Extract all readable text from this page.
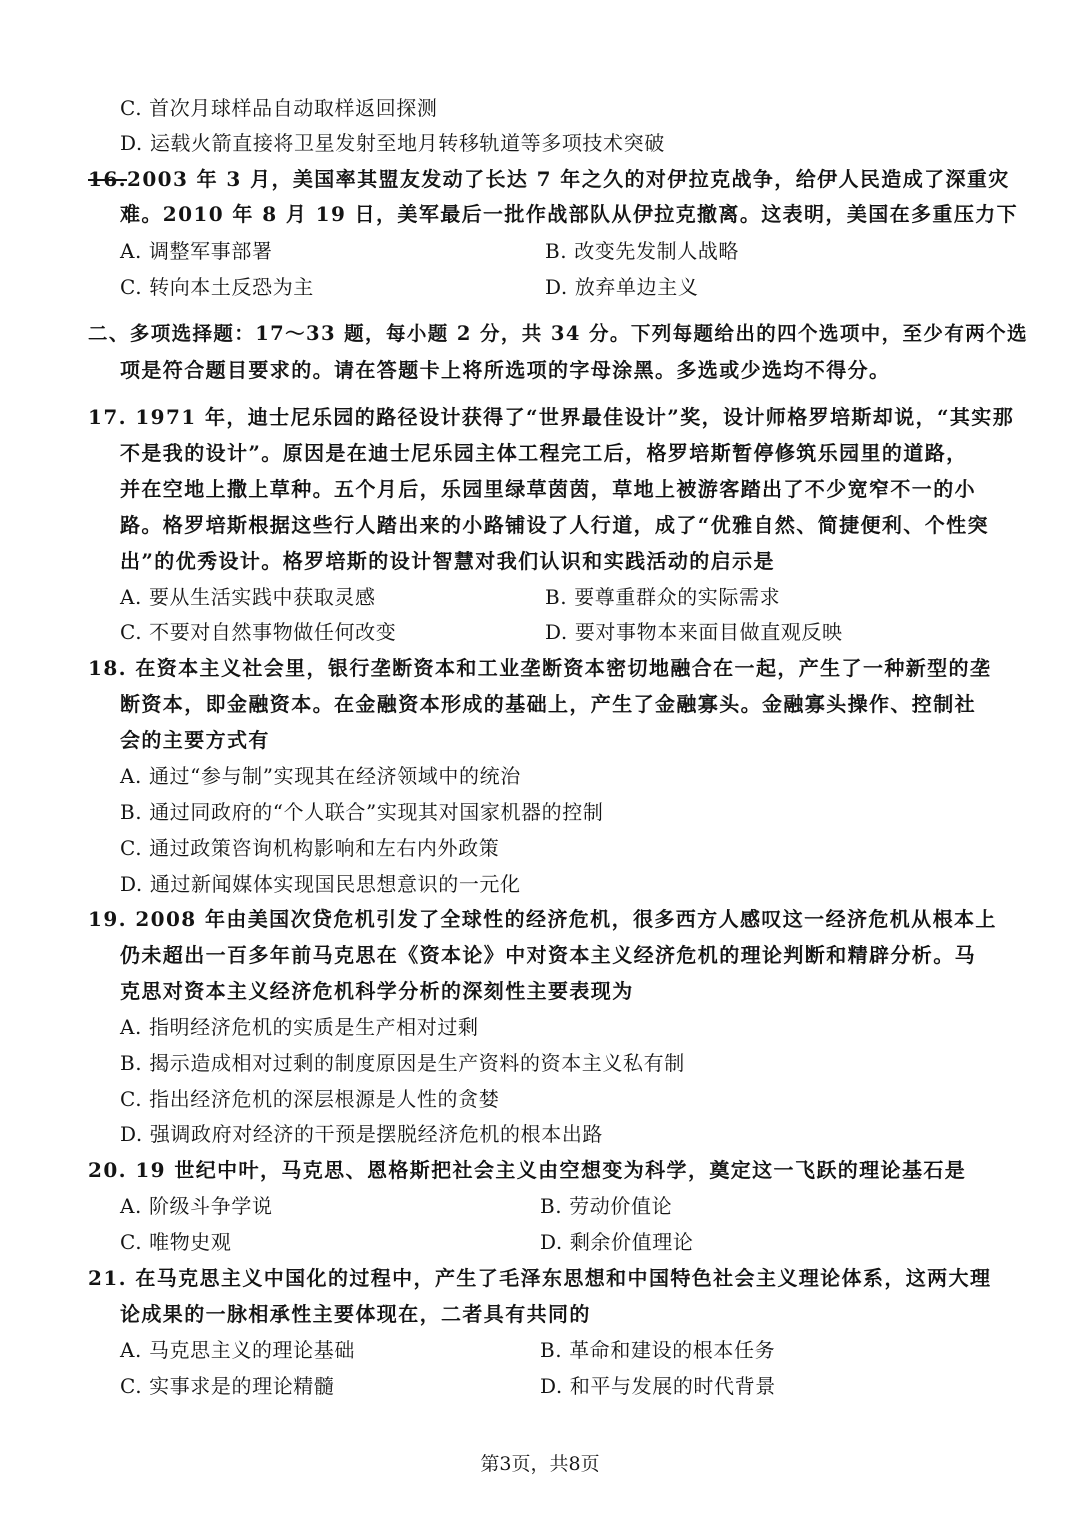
C. 首次月球样品自动取样返回探测
D. 运载火箭直接将卫星发射至地月转移轨道等多项技术突破
16.2003 年 3 月，美国率其盟友发动了长达 7 年之久的对伊拉克战争，给伊人民造成了深重灾
难。2010 年 8 月 19 日，美军最后一批作战部队从伊拉克撤离。这表明，美国在多重压力下
A. 调整军事部署	B. 改变先发制人战略
C. 转向本土反恐为主	D. 放弃单边主义
二、多项选择题：17～33 题，每小题 2 分，共 34 分。下列每题给出的四个选项中，至少有两个选
项是符合题目要求的。请在答题卡上将所选项的字母涂黑。多选或少选均不得分。
17. 1971 年，迪士尼乐园的路径设计获得了“世界最佳设计”奖，设计师格罗培斯却说，“其实那
不是我的设计”。原因是在迪士尼乐园主体工程完工后，格罗培斯暂停修筑乐园里的道路，
并在空地上撒上草种。五个月后，乐园里绿草茵茵，草地上被游客踏出了不少宽窄不一的小
路。格罗培斯根据这些行人踏出来的小路铺设了人行道，成了“优雅自然、简捷便利、个性突
出”的优秀设计。格罗培斯的设计智慧对我们认识和实践活动的启示是
A. 要从生活实践中获取灵感	B. 要尊重群众的实际需求
C. 不要对自然事物做任何改变	D. 要对事物本来面目做直观反映
18. 在资本主义社会里，银行垄断资本和工业垄断资本密切地融合在一起，产生了一种新型的垄
断资本，即金融资本。在金融资本形成的基础上，产生了金融寡头。金融寡头操作、控制社
会的主要方式有
A. 通过“参与制”实现其在经济领域中的统治
B. 通过同政府的“个人联合”实现其对国家机器的控制
C. 通过政策咨询机构影响和左右内外政策
D. 通过新闻媒体实现国民思想意识的一元化
19. 2008 年由美国次贷危机引发了全球性的经济危机，很多西方人感叹这一经济危机从根本上
仍未超出一百多年前马克思在《资本论》中对资本主义经济危机的理论判断和精辟分析。马
克思对资本主义经济危机科学分析的深刻性主要表现为
A. 指明经济危机的实质是生产相对过剩
B. 揭示造成相对过剩的制度原因是生产资料的资本主义私有制
C. 指出经济危机的深层根源是人性的贪婪
D. 强调政府对经济的干预是摆脱经济危机的根本出路
20. 19 世纪中叶，马克思、恩格斯把社会主义由空想变为科学，奠定这一飞跃的理论基石是
A. 阶级斗争学说	B. 劳动价值论
C. 唯物史观	D. 剩余价值理论
21. 在马克思主义中国化的过程中，产生了毛泽东思想和中国特色社会主义理论体系，这两大理
论成果的一脉相承性主要体现在，二者具有共同的
A. 马克思主义的理论基础	B. 革命和建设的根本任务
C. 实事求是的理论精髓	D. 和平与发展的时代背景
第3页，共8页
